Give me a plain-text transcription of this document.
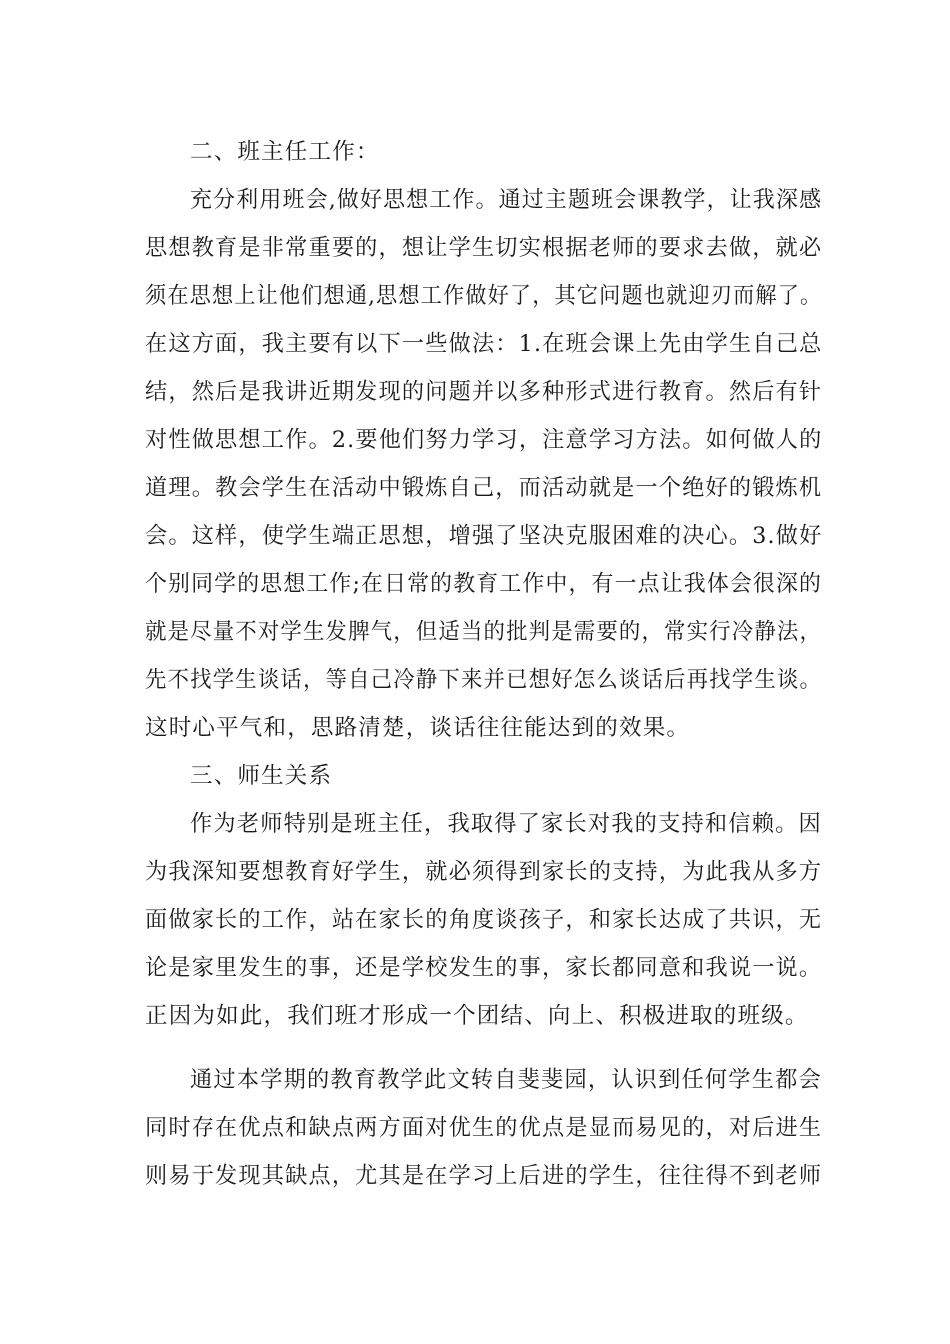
二、班主任工作：
充分利用班会,做好思想工作。通过主题班会课教学，让我深感
思想教育是非常重要的，想让学生切实根据老师的要求去做，就必
须在思想上让他们想通,思想工作做好了，其它问题也就迎刃而解了。
在这方面，我主要有以下一些做法：1.在班会课上先由学生自己总
结，然后是我讲近期发现的问题并以多种形式进行教育。然后有针
对性做思想工作。2.要他们努力学习，注意学习方法。如何做人的
道理。教会学生在活动中锻炼自己，而活动就是一个绝好的锻炼机
会。这样，使学生端正思想，增强了坚决克服困难的决心。3.做好
个别同学的思想工作;在日常的教育工作中，有一点让我体会很深的
就是尽量不对学生发脾气，但适当的批判是需要的，常实行冷静法，
先不找学生谈话，等自己冷静下来并已想好怎么谈话后再找学生谈。
这时心平气和，思路清楚，谈话往往能达到的效果。
三、师生关系
作为老师特别是班主任，我取得了家长对我的支持和信赖。因
为我深知要想教育好学生，就必须得到家长的支持，为此我从多方
面做家长的工作，站在家长的角度谈孩子，和家长达成了共识，无
论是家里发生的事，还是学校发生的事，家长都同意和我说一说。
正因为如此，我们班才形成一个团结、向上、积极进取的班级。
通过本学期的教育教学此文转自斐斐园，认识到任何学生都会
同时存在优点和缺点两方面对优生的优点是显而易见的，对后进生
则易于发现其缺点，尤其是在学习上后进的学生，往往得不到老师
